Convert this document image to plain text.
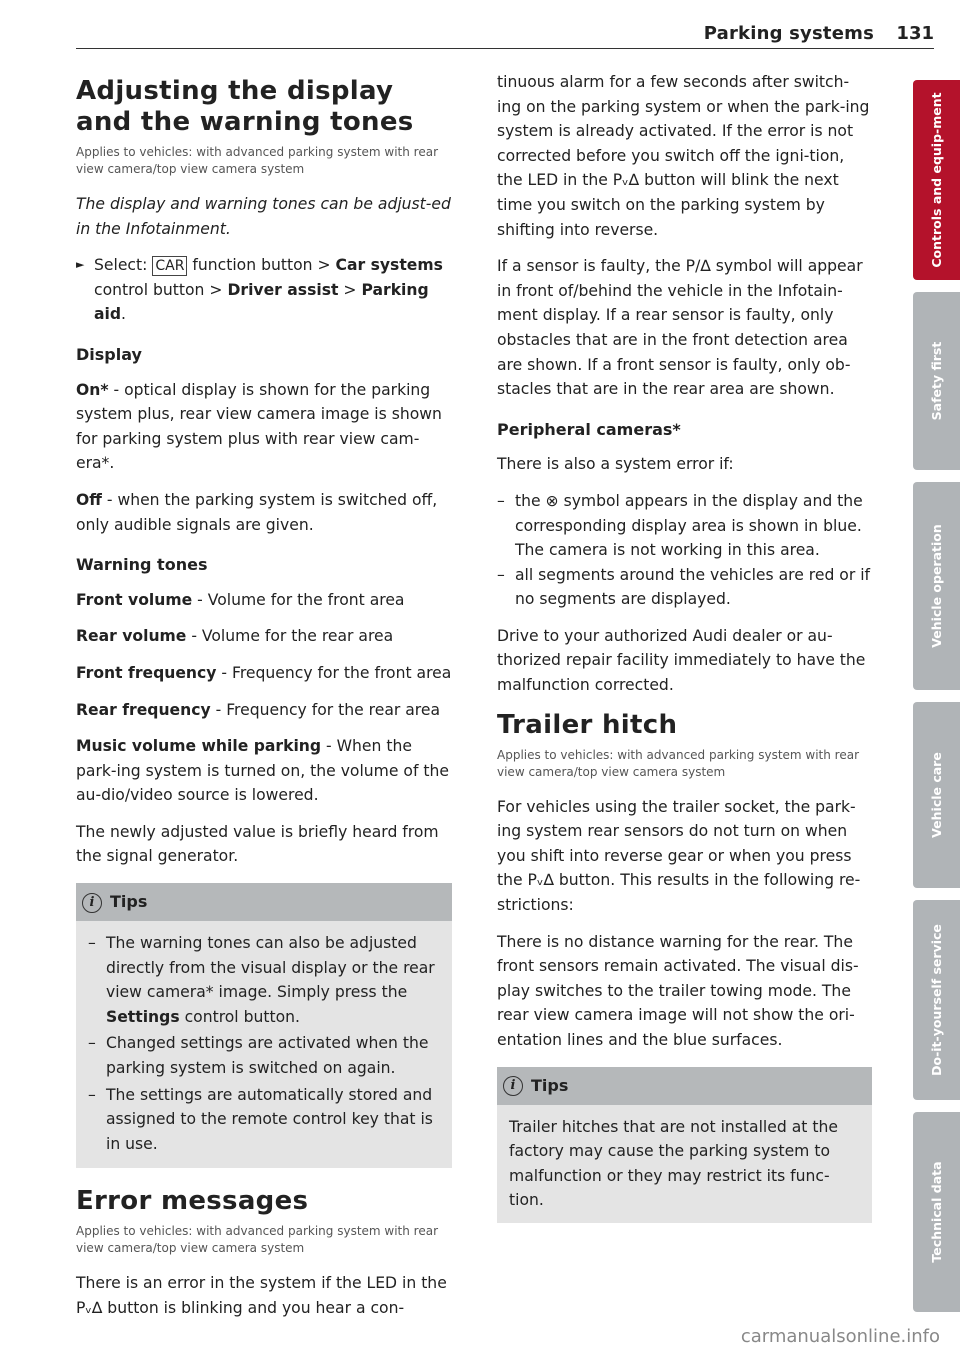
Parking systems 131
Adjusting the display and the warning tones

Applies to vehicles: with advanced parking system with rear view camera/top view camera system

The display and warning tones can be adjust-ed in the Infotainment.

► Select: CAR function button > Car systems control button > Driver assist > Parking aid.

Display

On* - optical display is shown for the parking system plus, rear view camera image is shown for parking system plus with rear view cam-era*.

Off - when the parking system is switched off, only audible signals are given.

Warning tones

Front volume - Volume for the front area

Rear volume - Volume for the rear area

Front frequency - Frequency for the front area

Rear frequency - Frequency for the rear area

Music volume while parking - When the park-ing system is turned on, the volume of the au-dio/video source is lowered.

The newly adjusted value is briefly heard from the signal generator.

i Tips
– The warning tones can also be adjusted directly from the visual display or the rear view camera* image. Simply press the Settings control button.
– Changed settings are activated when the parking system is switched on again.
– The settings are automatically stored and assigned to the remote control key that is in use.
Error messages

Applies to vehicles: with advanced parking system with rear view camera/top view camera system

There is an error in the system if the LED in the Pᵥ∆ button is blinking and you hear a con-

tinuous alarm for a few seconds after switch-ing on the parking system or when the park-ing system is already activated. If the error is not corrected before you switch off the igni-tion, the LED in the Pᵥ∆ button will blink the next time you switch on the parking system by shifting into reverse.

If a sensor is faulty, the P∕∆ symbol will appear in front of/behind the vehicle in the Infotain-ment display. If a rear sensor is faulty, only obstacles that are in the front detection area are shown. If a front sensor is faulty, only ob-stacles that are in the rear area are shown.

Peripheral cameras*

There is also a system error if:

– the ⊗ symbol appears in the display and the corresponding display area is shown in blue. The camera is not working in this area.
– all segments around the vehicles are red or if no segments are displayed.

Drive to your authorized Audi dealer or au-thorized repair facility immediately to have the malfunction corrected.

Trailer hitch

Applies to vehicles: with advanced parking system with rear view camera/top view camera system

For vehicles using the trailer socket, the park-ing system rear sensors do not turn on when you shift into reverse gear or when you press the Pᵥ∆ button. This results in the following re-strictions:

There is no distance warning for the rear. The front sensors remain activated. The visual dis-play switches to the trailer towing mode. The rear view camera image will not show the ori-entation lines and the blue surfaces.

i Tips
Trailer hitches that are not installed at the factory may cause the parking system to malfunction or they may restrict its func-tion.
Controls and equip-ment
Safety first
Vehicle operation
Vehicle care
Do-it-yourself service
Technical data
carmanualsonline.info
